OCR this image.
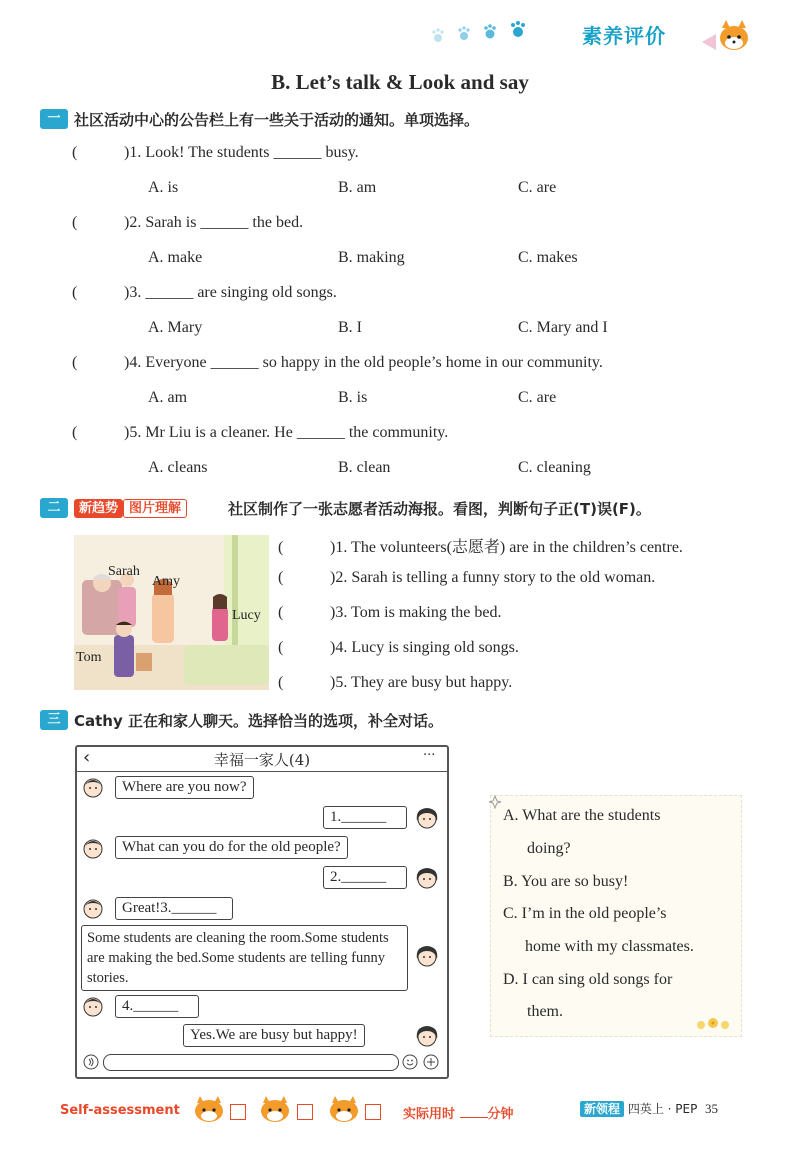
素养评价
B. Let’s talk & Look and say
一 社区活动中心的公告栏上有一些关于活动的通知。单项选择。
(	)1. Look! The students ______ busy.
A. is	B. am	C. are
(	)2. Sarah is ______ the bed.
A. make	B. making	C. makes
(	)3. ______ are singing old songs.
A. Mary	B. I	C. Mary and I
(	)4. Everyone ______ so happy in the old people’s home in our community.
A. am	B. is	C. are
(	)5. Mr Liu is a cleaner. He ______ the community.
A. cleans	B. clean	C. cleaning
二	新趋势 图片理解	社区制作了一张志愿者活动海报。看图，判断句子正(T)误(F)。
Sarah
Amy
Lucy
Tom
(	)1. The volunteers(志愿者) are in the children’s centre.
(	)2. Sarah is telling a funny story to the old woman.
(	)3. Tom is making the bed.
(	)4. Lucy is singing old songs.
(	)5. They are busy but happy.
三 Cathy 正在和家人聊天。选择恰当的选项，补全对话。
‹	幸福一家人(4)	···
Where are you now?
1.______
What can you do for the old people?
2.______
Great!3.______
Some students are cleaning the room.Some students are making the bed.Some students are telling funny stories.
4.______
Yes.We are busy but happy!
A. What are the students
doing?
B. You are so busy!
C. I’m in the old people’s
home with my classmates.
D. I can sing old songs for
them.
Self-assessment	实际用时	分钟	新领程 四英上 · PEP 35
